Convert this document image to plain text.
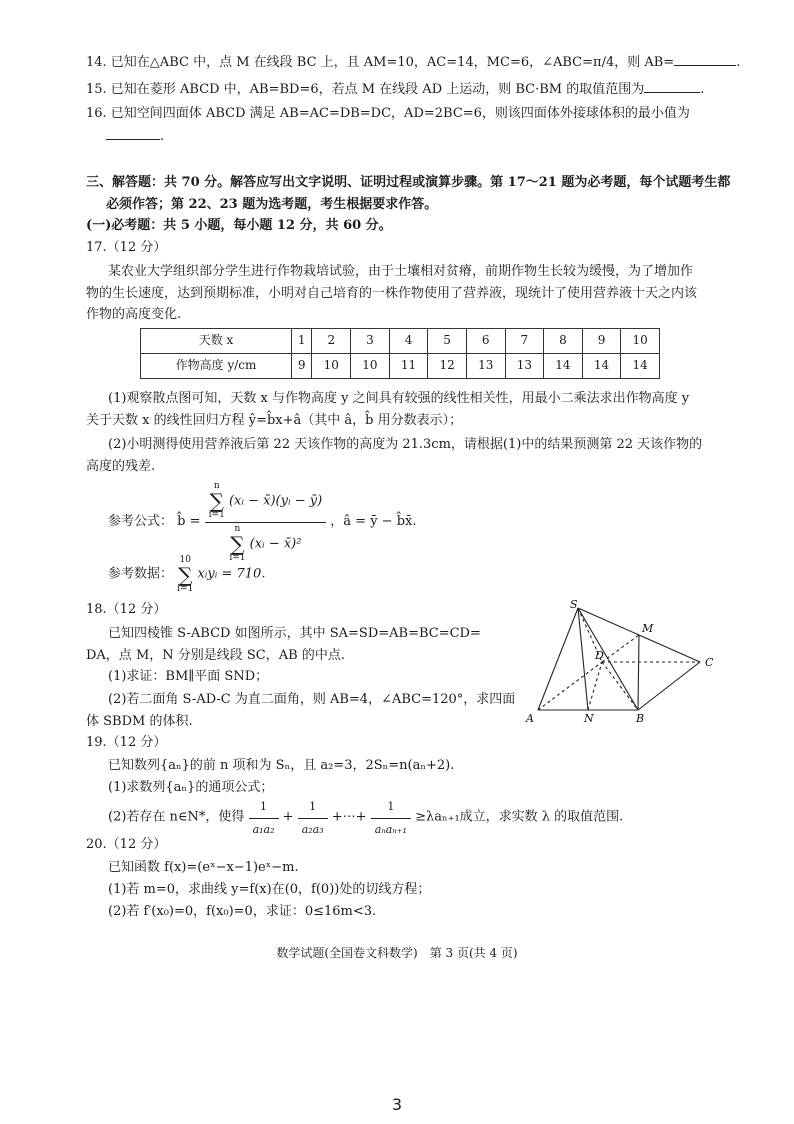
14. 已知在△ABC 中，点 M 在线段 BC 上，且 AM=10，AC=14，MC=6，∠ABC=π/4，则 AB=	.
15. 已知在菱形 ABCD 中，AB=BD=6，若点 M 在线段 AD 上运动，则 BC·BM 的取值范围为	.
16. 已知空间四面体 ABCD 满足 AB=AC=DB=DC，AD=2BC=6，则该四面体外接球体积的最小值为
.
三、解答题：共 70 分。解答应写出文字说明、证明过程或演算步骤。第 17～21 题为必考题，每个试题考生都
必须作答；第 22、23 题为选考题，考生根据要求作答。
(一)必考题：共 5 小题，每小题 12 分，共 60 分。
17.（12 分）
某农业大学组织部分学生进行作物栽培试验，由于土壤相对贫瘠，前期作物生长较为缓慢，为了增加作
物的生长速度，达到预期标准，小明对自己培育的一株作物使用了营养液，现统计了使用营养液十天之内该
作物的高度变化.
天数 x	1	2	3	4	5	6	7	8	9	10
作物高度 y/cm	9	10	10	11	12	13	13	14	14	14
(1)观察散点图可知，天数 x 与作物高度 y 之间具有较强的线性相关性，用最小二乘法求出作物高度 y
关于天数 x 的线性回归方程 ŷ=b̂x+â（其中 â，b̂ 用分数表示）；
(2)小明测得使用营养液后第 22 天该作物的高度为 21.3cm，请根据(1)中的结果预测第 22 天该作物的
高度的残差.
参考公式： b̂ =
n
∑
i=1
(xᵢ − x̄)(yᵢ − ȳ)
n
∑
i=1
(xᵢ − x̄)²
，â = ȳ − b̂x̄.
参考数据：
10
∑
i=1
xᵢyᵢ = 710.
18.（12 分）
已知四棱锥 S-ABCD 如图所示，其中 SA=SD=AB=BC=CD=
DA，点 M，N 分别是线段 SC，AB 的中点.
(1)求证：BM∥平面 SND；
(2)若二面角 S-AD-C 为直二面角，则 AB=4，∠ABC=120°，求四面
体 SBDM 的体积.
S
M
D
C
A	N	B
19.（12 分）
已知数列{aₙ}的前 n 项和为 Sₙ，且 a₂=3，2Sₙ=n(aₙ+2).
(1)求数列{aₙ}的通项公式；
(2)若存在 n∈N*，使得 $\frac{1}{\text{a₁a₂}} + \frac{1}{\text{a₂a₃}}$ +⋯+ $\frac{1}{\text{aₙaₙ₊₁}} \ge\lambda a_{n+1}$成立，求实数 λ 的取值范围.
20.（12 分）
已知函数 f(x)=(eˣ−x−1)eˣ−m.
(1)若 m=0，求曲线 y=f(x)在(0，f(0))处的切线方程；
(2)若 f′(x₀)=0，f(x₀)=0，求证：0≤16m<3.
数学试题(全国卷文科数学)　第 3 页(共 4 页)
3
